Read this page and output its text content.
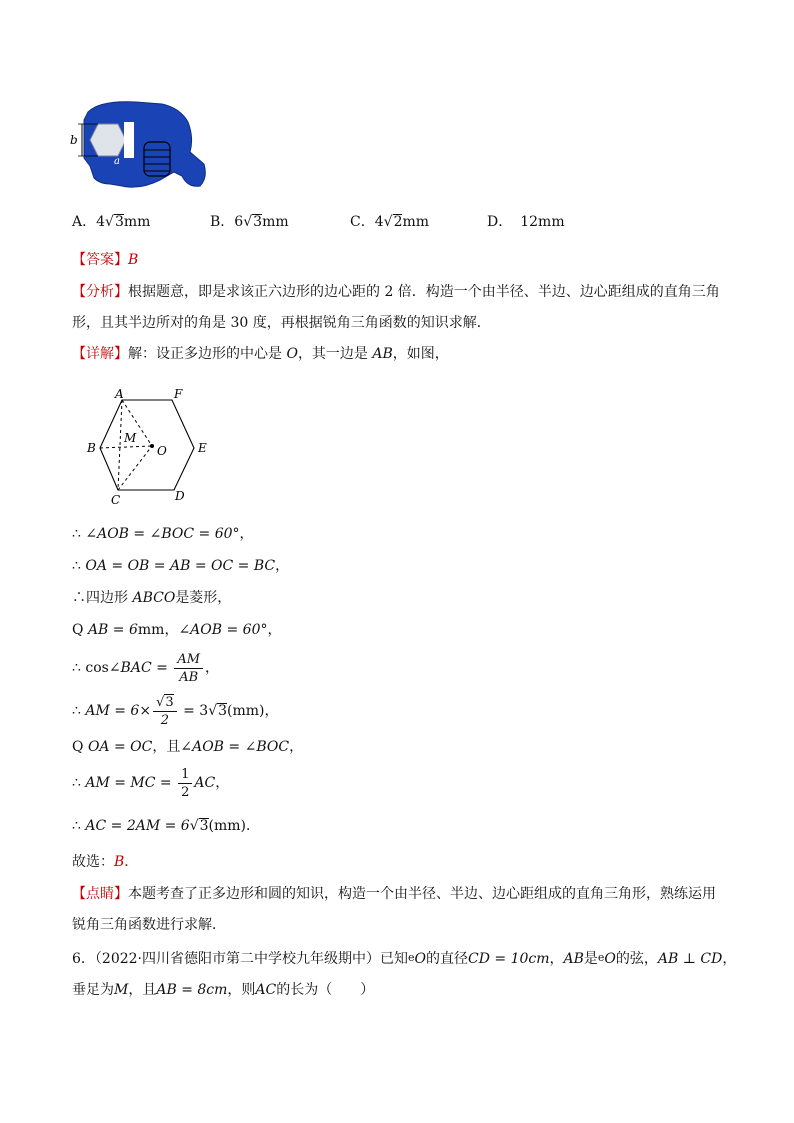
b
a
A．4√3mm	B．6√3mm	C．4√2mm	D． 12mm
【答案】B
【分析】根据题意，即是求该正六边形的边心距的 2 倍．构造一个由半径、半边、边心距组成的直角三角
形，且其半边所对的角是 30 度，再根据锐角三角函数的知识求解．
【详解】解：设正多边形的中心是 O，其一边是 AB，如图，
A	F
B	E
C	D
M
O
∴ ∠AOB = ∠BOC = 60°，
∴ OA = OB = AB = OC = BC，
∴四边形 ABCO是菱形，
Q AB = 6mm，∠AOB = 60°，
∴ cos∠BAC = $\frac{AM}{AB}$ ，
∴ AM = $6\times \frac{√3}{2} = 3√3(mm)$，
Q OA = OC，且∠AOB = ∠BOC，
∴ AM = MC = $\frac{1}{2}$ AC，
∴ AC = 2AM = 6√3(mm)．
故选：B．
【点睛】本题考查了正多边形和圆的知识，构造一个由半径、半边、边心距组成的直角三角形，熟练运用
锐角三角函数进行求解．
6．（2022·四川省德阳市第二中学校九年级期中）已知eO的直径CD = 10cm，AB是eO的弦，AB ⊥ CD，
垂足为M，且AB = 8cm，则AC的长为（　　）
